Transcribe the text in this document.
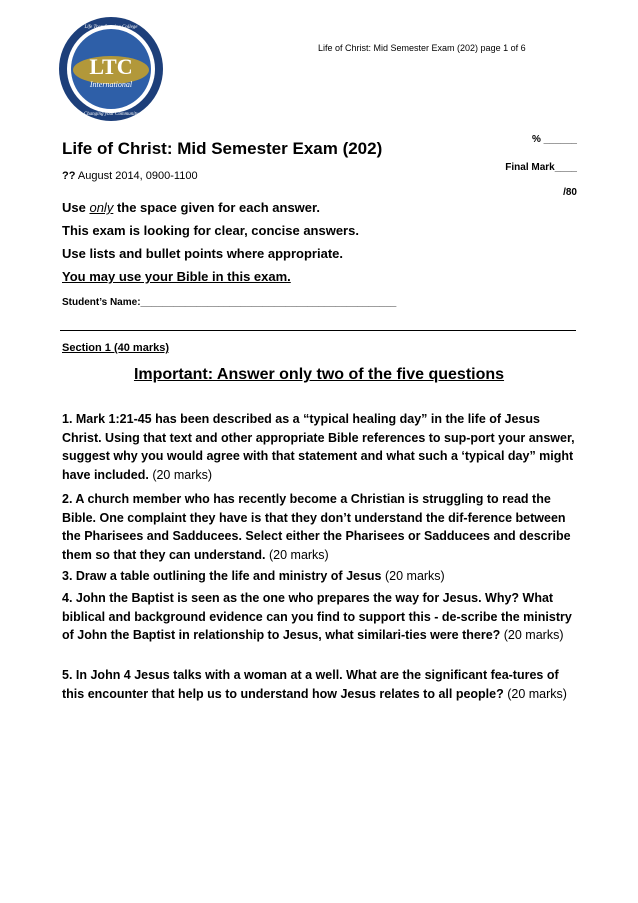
Life of Christ: Mid Semester Exam (202) page 1 of 6
LTC
International
Life Transforming College
Changing your Community
Life of Christ: Mid Semester Exam (202)
?? August 2014, 0900-1100
% ______
Final Mark____
/80
Use only the space given for each answer.
This exam is looking for clear, concise answers.
Use lists and bullet points where appropriate.
You may use your Bible in this exam.
Student’s Name:______________________________________________
Section 1 (40 marks)
Important: Answer only two of the five questions
1. Mark 1:21-45 has been described as a “typical healing day” in the life of Jesus Christ. Using that text and other appropriate Bible references to sup-port your answer, suggest why you would agree with that statement and what such a ‘typical day” might have included. (20 marks)
2. A church member who has recently become a Christian is struggling to read the Bible. One complaint they have is that they don’t understand the dif-ference between the Pharisees and Sadducees. Select either the Pharisees or Sadducees and describe them so that they can understand. (20 marks)
3. Draw a table outlining the life and ministry of Jesus (20 marks)
4. John the Baptist is seen as the one who prepares the way for Jesus. Why? What biblical and background evidence can you find to support this - de-scribe the ministry of John the Baptist in relationship to Jesus, what similari-ties were there? (20 marks)
5. In John 4 Jesus talks with a woman at a well. What are the significant fea-tures of this encounter that help us to understand how Jesus relates to all people? (20 marks)
